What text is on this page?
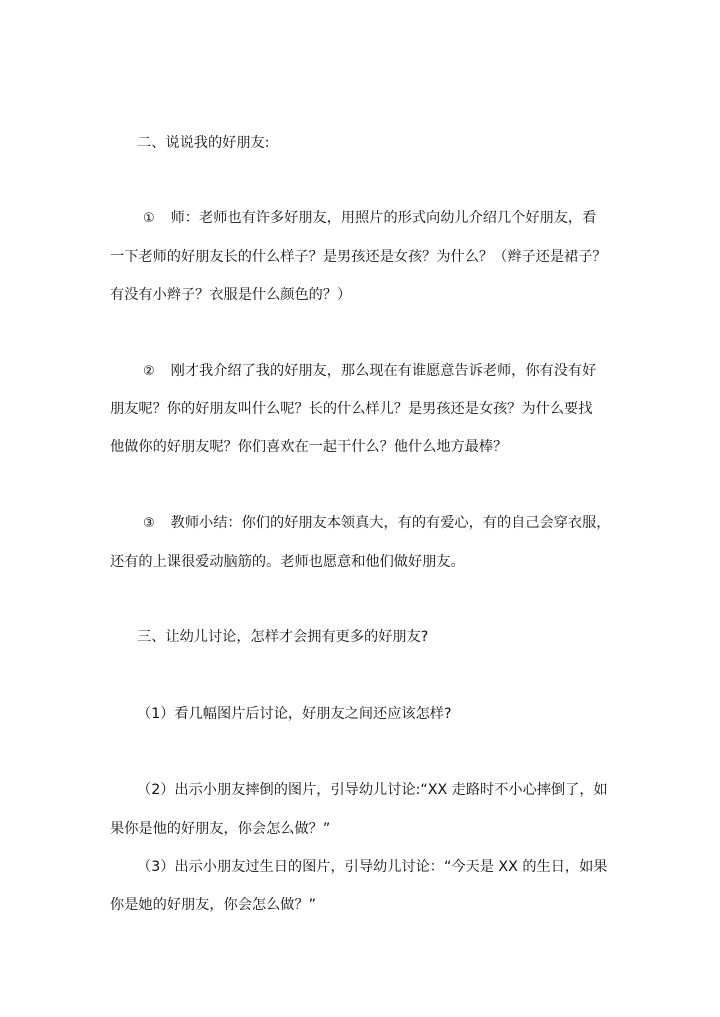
二、说说我的好朋友:

① 师：老师也有许多好朋友，用照片的形式向幼儿介绍几个好朋友，看

一下老师的好朋友长的什么样子？是男孩还是女孩？为什么？（辫子还是裙子？

有没有小辫子？衣服是什么颜色的？）

② 刚才我介绍了我的好朋友，那么现在有谁愿意告诉老师，你有没有好

朋友呢？你的好朋友叫什么呢？长的什么样儿？是男孩还是女孩？为什么要找

他做你的好朋友呢？你们喜欢在一起干什么？他什么地方最棒？

③ 教师小结：你们的好朋友本领真大，有的有爱心，有的自己会穿衣服，

还有的上课很爱动脑筋的。老师也愿意和他们做好朋友。

三、让幼儿讨论，怎样才会拥有更多的好朋友?

（1）看几幅图片后讨论，好朋友之间还应该怎样?

（2）出示小朋友摔倒的图片，引导幼儿讨论:“XX 走路时不小心摔倒了，如

果你是他的好朋友，你会怎么做？”

（3）出示小朋友过生日的图片，引导幼儿讨论：“今天是 XX 的生日，如果

你是她的好朋友，你会怎么做？”
